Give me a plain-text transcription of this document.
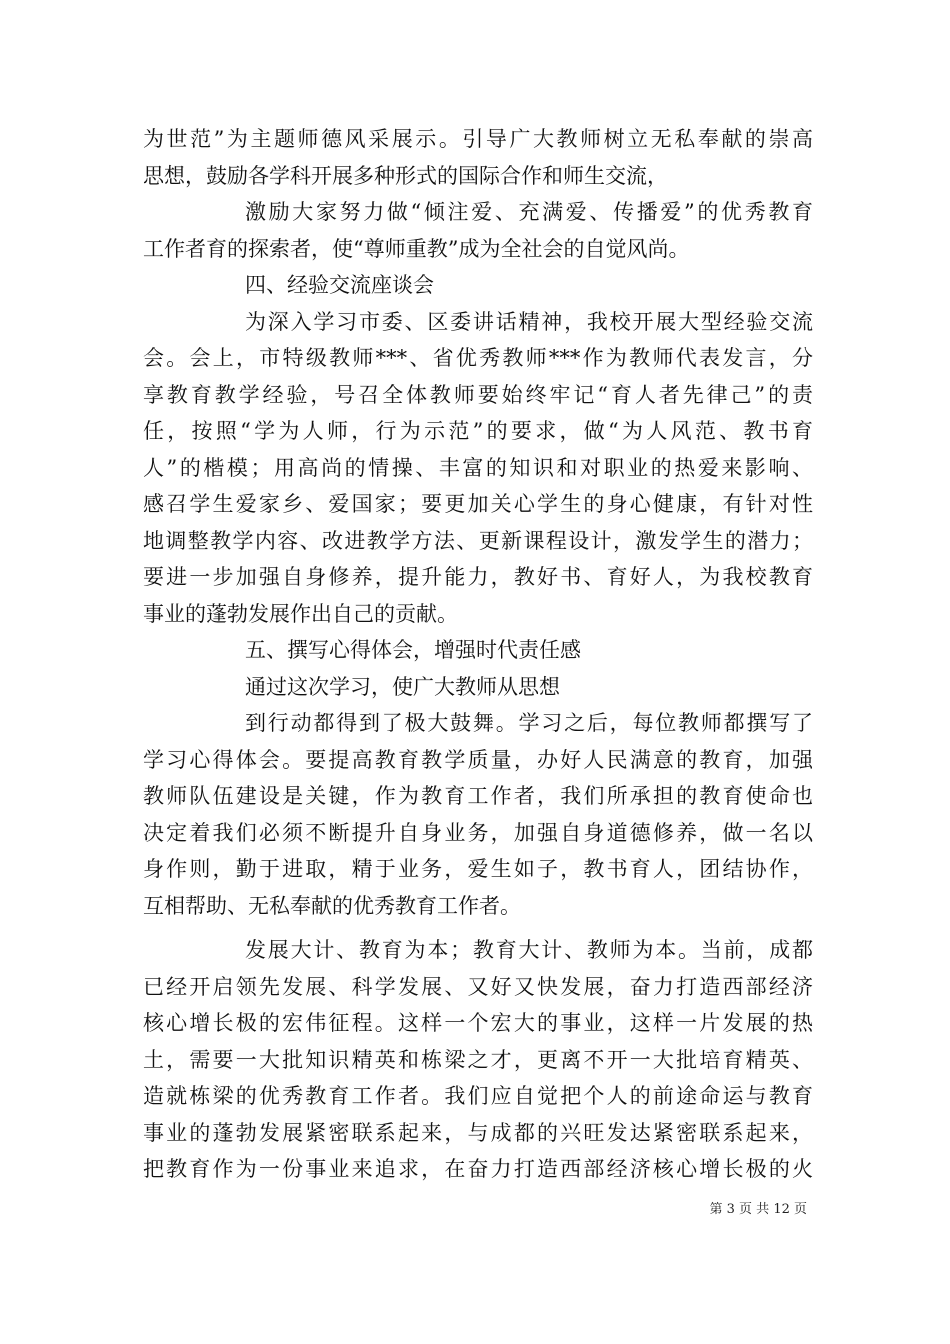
为世范”为主题师德风采展示。引导广大教师树立无私奉献的崇高
思想，鼓励各学科开展多种形式的国际合作和师生交流，
激励大家努力做“倾注爱、充满爱、传播爱”的优秀教育
工作者育的探索者，使“尊师重教”成为全社会的自觉风尚。
四、经验交流座谈会
为深入学习市委、区委讲话精神，我校开展大型经验交流
会。会上，市特级教师***、省优秀教师***作为教师代表发言，分
享教育教学经验，号召全体教师要始终牢记“育人者先律己”的责
任，按照“学为人师，行为示范”的要求，做“为人风范、教书育
人”的楷模；用高尚的情操、丰富的知识和对职业的热爱来影响、
感召学生爱家乡、爱国家；要更加关心学生的身心健康，有针对性
地调整教学内容、改进教学方法、更新课程设计，激发学生的潜力；
要进一步加强自身修养，提升能力，教好书、育好人，为我校教育
事业的蓬勃发展作出自己的贡献。
五、撰写心得体会，增强时代责任感
通过这次学习，使广大教师从思想
到行动都得到了极大鼓舞。学习之后，每位教师都撰写了
学习心得体会。要提高教育教学质量，办好人民满意的教育，加强
教师队伍建设是关键，作为教育工作者，我们所承担的教育使命也
决定着我们必须不断提升自身业务，加强自身道德修养，做一名以
身作则，勤于进取，精于业务，爱生如子，教书育人，团结协作，
互相帮助、无私奉献的优秀教育工作者。
发展大计、教育为本；教育大计、教师为本。当前，成都
已经开启领先发展、科学发展、又好又快发展，奋力打造西部经济
核心增长极的宏伟征程。这样一个宏大的事业，这样一片发展的热
土，需要一大批知识精英和栋梁之才，更离不开一大批培育精英、
造就栋梁的优秀教育工作者。我们应自觉把个人的前途命运与教育
事业的蓬勃发展紧密联系起来，与成都的兴旺发达紧密联系起来，
把教育作为一份事业来追求，在奋力打造西部经济核心增长极的火
第 3 页 共 12 页
